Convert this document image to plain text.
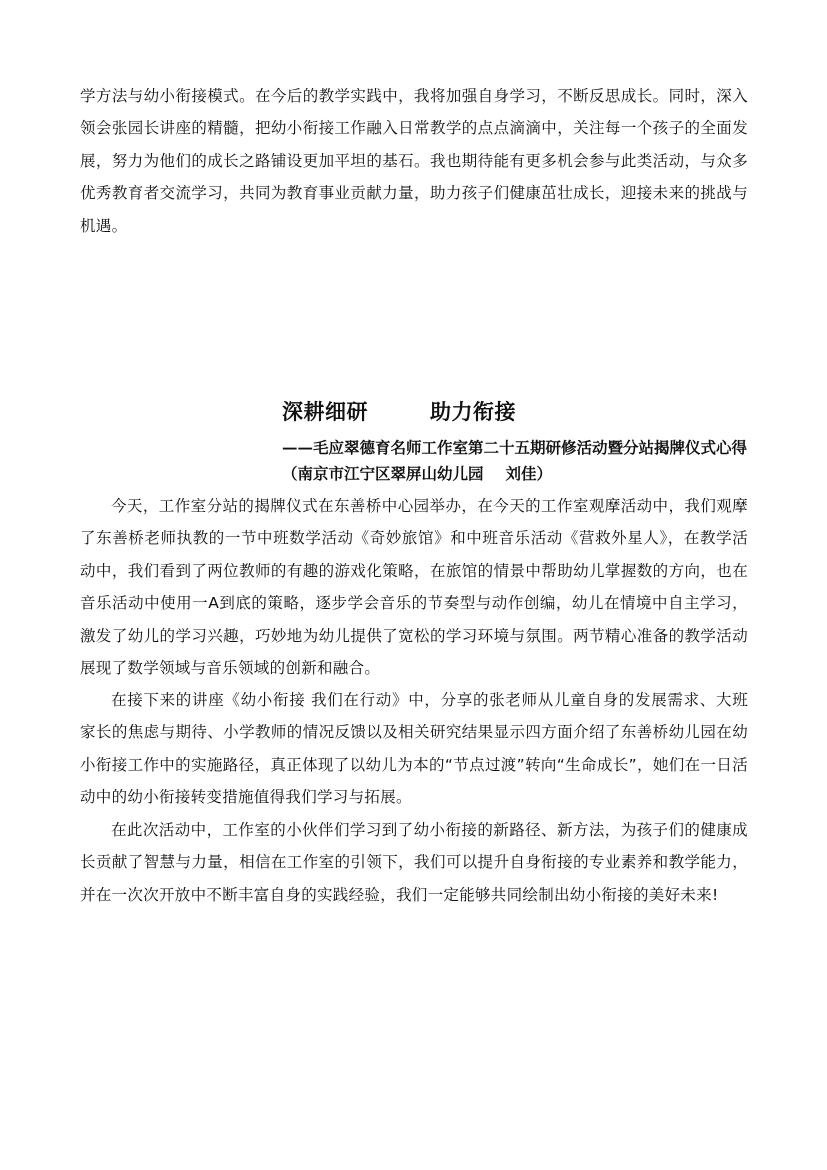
学方法与幼小衔接模式。在今后的教学实践中，我将加强自身学习，不断反思成长。同时，深入领会张园长讲座的精髓，把幼小衔接工作融入日常教学的点点滴滴中，关注每一个孩子的全面发展，努力为他们的成长之路铺设更加平坦的基石。我也期待能有更多机会参与此类活动，与众多优秀教育者交流学习，共同为教育事业贡献力量，助力孩子们健康茁壮成长，迎接未来的挑战与机遇。

深耕细研	助力衔接

——毛应翠德育名师工作室第二十五期研修活动暨分站揭牌仪式心得

（南京市江宁区翠屏山幼儿园 刘佳）

今天，工作室分站的揭牌仪式在东善桥中心园举办，在今天的工作室观摩活动中，我们观摩了东善桥老师执教的一节中班数学活动《奇妙旅馆》和中班音乐活动《营救外星人》，在教学活动中，我们看到了两位教师的有趣的游戏化策略，在旅馆的情景中帮助幼儿掌握数的方向，也在音乐活动中使用一A到底的策略，逐步学会音乐的节奏型与动作创编，幼儿在情境中自主学习，激发了幼儿的学习兴趣，巧妙地为幼儿提供了宽松的学习环境与氛围。两节精心准备的教学活动展现了数学领域与音乐领域的创新和融合。

在接下来的讲座《幼小衔接 我们在行动》中，分享的张老师从儿童自身的发展需求、大班家长的焦虑与期待、小学教师的情况反馈以及相关研究结果显示四方面介绍了东善桥幼儿园在幼小衔接工作中的实施路径，真正体现了以幼儿为本的“节点过渡”转向“生命成长”，她们在一日活动中的幼小衔接转变措施值得我们学习与拓展。

在此次活动中，工作室的小伙伴们学习到了幼小衔接的新路径、新方法，为孩子们的健康成长贡献了智慧与力量，相信在工作室的引领下，我们可以提升自身衔接的专业素养和教学能力，并在一次次开放中不断丰富自身的实践经验，我们一定能够共同绘制出幼小衔接的美好未来!
